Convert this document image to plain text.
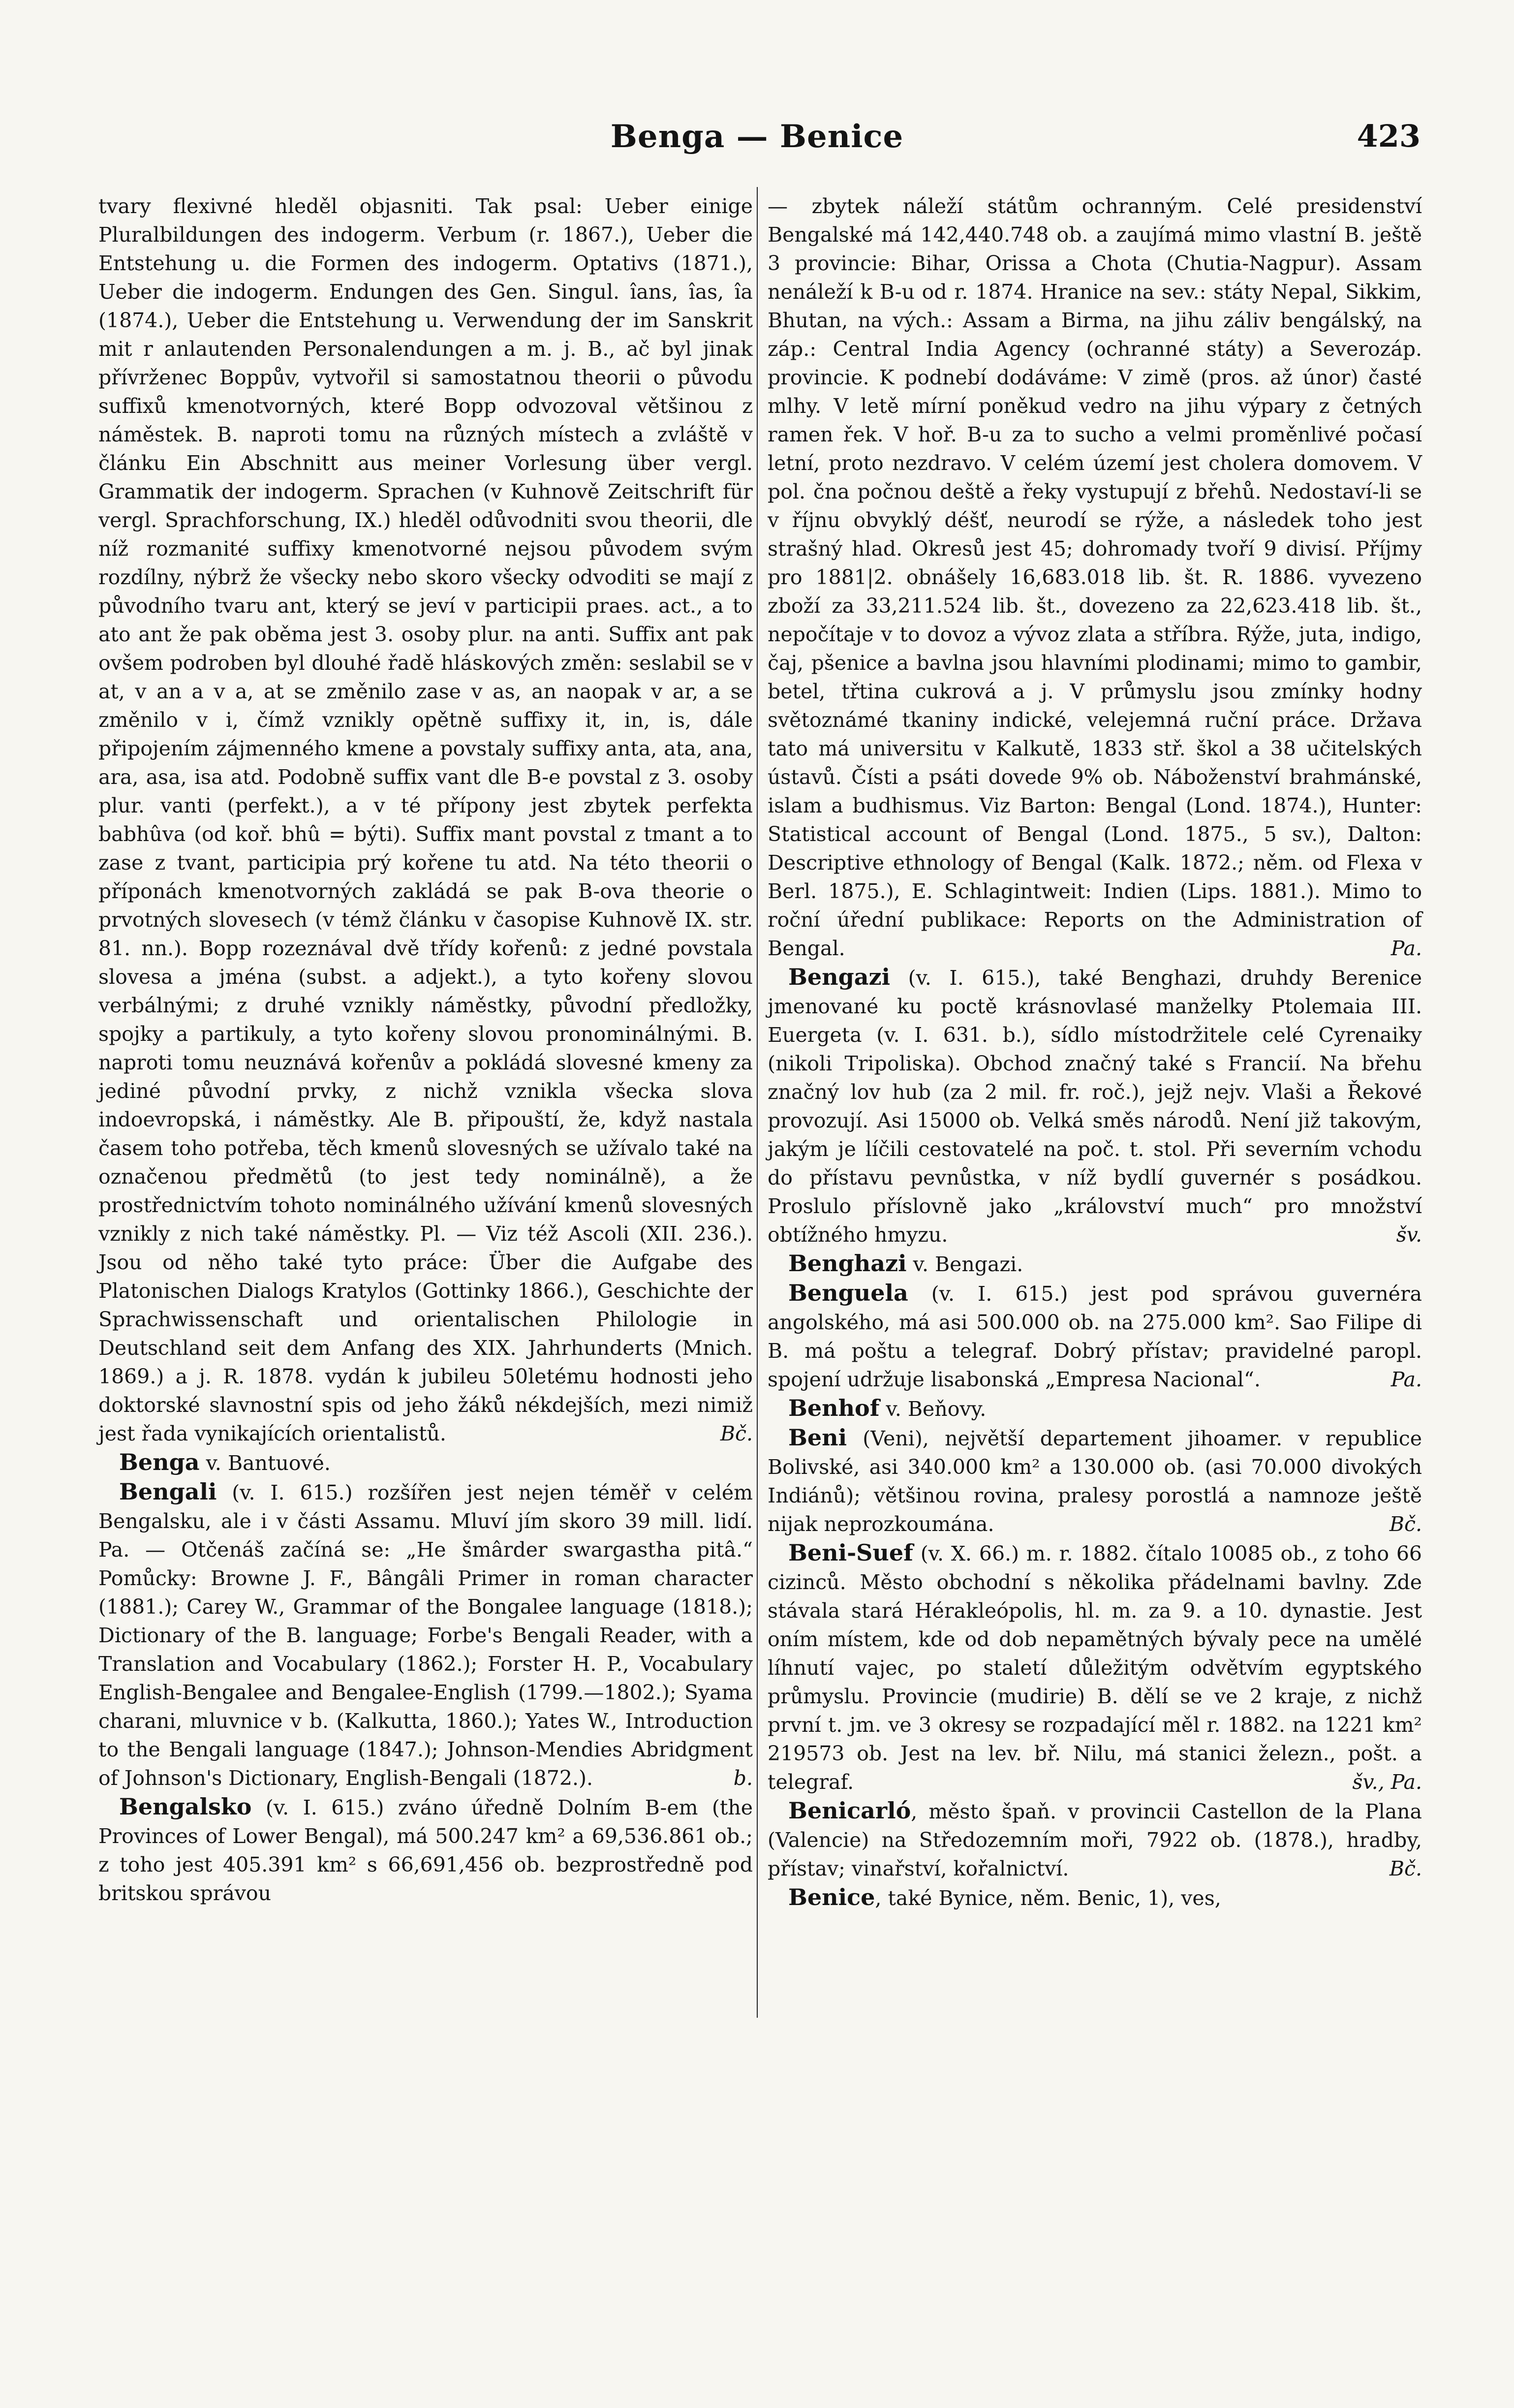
Benga — Benice	423

tvary flexivné hleděl objasniti. Tak psal: Ueber einige Pluralbildungen des indogerm. Verbum (r. 1867.), Ueber die Entstehung u. die Formen des indogerm. Optativs (1871.), Ueber die indogerm. Endungen des Gen. Singul. îans, îas, îa (1874.), Ueber die Entstehung u. Verwendung der im Sanskrit mit r anlautenden Personalendungen a m. j. B., ač byl jinak přívrženec Boppův, vytvořil si samostatnou theorii o původu suffixů kmenotvorných, které Bopp odvozoval většinou z náměstek. B. naproti tomu na různých místech a zvláště v článku Ein Abschnitt aus meiner Vorlesung über vergl. Grammatik der indogerm. Sprachen (v Kuhnově Zeitschrift für vergl. Sprachforschung, IX.) hleděl odůvodniti svou theorii, dle níž rozmanité suffixy kmenotvorné nejsou původem svým rozdílny, nýbrž že všecky nebo skoro všecky odvoditi se mají z původního tvaru ant, který se jeví v participii praes. act., a to ato ant že pak oběma jest 3. osoby plur. na anti. Suffix ant pak ovšem podroben byl dlouhé řadě hláskových změn: seslabil se v at, v an a v a, at se změnilo zase v as, an naopak v ar, a se změnilo v i, čímž vznikly opětně suffixy it, in, is, dále připojením zájmenného kmene a povstaly suffixy anta, ata, ana, ara, asa, isa atd. Podobně suffix vant dle B-e povstal z 3. osoby plur. vanti (perfekt.), a v té přípony jest zbytek perfekta babhûva (od koř. bhû = býti). Suffix mant povstal z tmant a to zase z tvant, participia prý kořene tu atd. Na této theorii o příponách kmenotvorných zakládá se pak B-ova theorie o prvotných slovesech (v témž článku v časopise Kuhnově IX. str. 81. nn.). Bopp rozeznával dvě třídy kořenů: z jedné povstala slovesa a jména (subst. a adjekt.), a tyto kořeny slovou verbálnými; z druhé vznikly náměstky, původní předložky, spojky a partikuly, a tyto kořeny slovou pronominálnými. B. naproti tomu neuznává kořenův a pokládá slovesné kmeny za jediné původní prvky, z nichž vznikla všecka slova indoevropská, i náměstky. Ale B. připouští, že, když nastala časem toho potřeba, těch kmenů slovesných se užívalo také na označenou předmětů (to jest tedy nominálně), a že prostřednictvím tohoto nominálného užívání kmenů slovesných vznikly z nich také náměstky. Pl. — Viz též Ascoli (XII. 236.). Jsou od něho také tyto práce: Über die Aufgabe des Platonischen Dialogs Kratylos (Gottinky 1866.), Geschichte der Sprachwissenschaft und orientalischen Philologie in Deutschland seit dem Anfang des XIX. Jahrhunderts (Mnich. 1869.) a j. R. 1878. vydán k jubileu 50letému hodnosti jeho doktorské slavnostní spis od jeho žáků nékdejších, mezi nimiž jest řada vynikajících orientalistů.	Bč.

Benga v. Bantuové.

Bengali (v. I. 615.) rozšířen jest nejen téměř v celém Bengalsku, ale i v části Assamu. Mluví jím skoro 39 mill. lidí. Pa. — Otčenáš začíná se: „He šmârder swargastha pitâ.“ Pomůcky: Browne J. F., Bângâli Primer in roman character (1881.); Carey W., Grammar of the Bongalee language (1818.); Dictionary of the B. language; Forbe's Bengali Reader, with a Translation and Vocabulary (1862.); Forster H. P., Vocabulary English-Bengalee and Bengalee-English (1799.—1802.); Syama charani, mluvnice v b. (Kalkutta, 1860.); Yates W., Introduction to the Bengali language (1847.); Johnson-Mendies Abridgment of Johnson's Dictionary, English-Bengali (1872.).	b.

Bengalsko (v. I. 615.) zváno úředně Dolním B-em (the Provinces of Lower Bengal), má 500.247 km² a 69,536.861 ob.; z toho jest 405.391 km² s 66,691,456 ob. bezprostředně pod britskou správou

— zbytek náleží státům ochranným. Celé presidenství Bengalské má 142,440.748 ob. a zaujímá mimo vlastní B. ještě 3 provincie: Bihar, Orissa a Chota (Chutia-Nagpur). Assam nenáleží k B-u od r. 1874. Hranice na sev.: státy Nepal, Sikkim, Bhutan, na vých.: Assam a Birma, na jihu záliv bengálský, na záp.: Central India Agency (ochranné státy) a Severozáp. provincie. K podnebí dodáváme: V zimě (pros. až únor) časté mlhy. V letě mírní poněkud vedro na jihu výpary z četných ramen řek. V hoř. B-u za to sucho a velmi proměnlivé počasí letní, proto nezdravo. V celém území jest cholera domovem. V pol. čna počnou deště a řeky vystupují z břehů. Nedostaví-li se v říjnu obvyklý déšť, neurodí se rýže, a následek toho jest strašný hlad. Okresů jest 45; dohromady tvoří 9 divisí. Příjmy pro 1881|2. obnášely 16,683.018 lib. št. R. 1886. vyvezeno zboží za 33,211.524 lib. št., dovezeno za 22,623.418 lib. št., nepočítaje v to dovoz a vývoz zlata a stříbra. Rýže, juta, indigo, čaj, pšenice a bavlna jsou hlavními plodinami; mimo to gambir, betel, třtina cukrová a j. V průmyslu jsou zmínky hodny světoznámé tkaniny indické, velejemná ruční práce. Država tato má universitu v Kalkutě, 1833 stř. škol a 38 učitelských ústavů. Čísti a psáti dovede 9% ob. Náboženství brahmánské, islam a budhismus. Viz Barton: Bengal (Lond. 1874.), Hunter: Statistical account of Bengal (Lond. 1875., 5 sv.), Dalton: Descriptive ethnology of Bengal (Kalk. 1872.; něm. od Flexa v Berl. 1875.), E. Schlagintweit: Indien (Lips. 1881.). Mimo to roční úřední publikace: Reports on the Administration of Bengal.	Pa.

Bengazi (v. I. 615.), také Benghazi, druhdy Berenice jmenované ku poctě krásnovlasé manželky Ptolemaia III. Euergeta (v. I. 631. b.), sídlo místodržitele celé Cyrenaiky (nikoli Tripoliska). Obchod značný také s Francií. Na břehu značný lov hub (za 2 mil. fr. roč.), jejž nejv. Vlaši a Řekové provozují. Asi 15000 ob. Velká směs národů. Není již takovým, jakým je líčili cestovatelé na poč. t. stol. Při severním vchodu do přístavu pevnůstka, v níž bydlí guvernér s posádkou. Proslulo příslovně jako „království much“ pro množství obtížného hmyzu.	šv.

Benghazi v. Bengazi.

Benguela (v. I. 615.) jest pod správou guvernéra angolského, má asi 500.000 ob. na 275.000 km². Sao Filipe di B. má poštu a telegraf. Dobrý přístav; pravidelné paropl. spojení udržuje lisabonská „Empresa Nacional“.	Pa.

Benhof v. Beňovy.

Beni (Veni), největší departement jihoamer. v republice Bolivské, asi 340.000 km² a 130.000 ob. (asi 70.000 divokých Indiánů); většinou rovina, pralesy porostlá a namnoze ještě nijak neprozkoumána.	Bč.

Beni-Suef (v. X. 66.) m. r. 1882. čítalo 10085 ob., z toho 66 cizinců. Město obchodní s několika přádelnami bavlny. Zde stávala stará Hérakleópolis, hl. m. za 9. a 10. dynastie. Jest oním místem, kde od dob nepamětných bývaly pece na umělé líhnutí vajec, po staletí důležitým odvětvím egyptského průmyslu. Provincie (mudirie) B. dělí se ve 2 kraje, z nichž první t. jm. ve 3 okresy se rozpadající měl r. 1882. na 1221 km² 219573 ob. Jest na lev. bř. Nilu, má stanici železn., pošt. a telegraf.	šv., Pa.

Benicarló, město špaň. v provincii Castellon de la Plana (Valencie) na Středozemním moři, 7922 ob. (1878.), hradby, přístav; vinařství, kořalnictví.	Bč.

Benice, také Bynice, něm. Benic, 1), ves,
